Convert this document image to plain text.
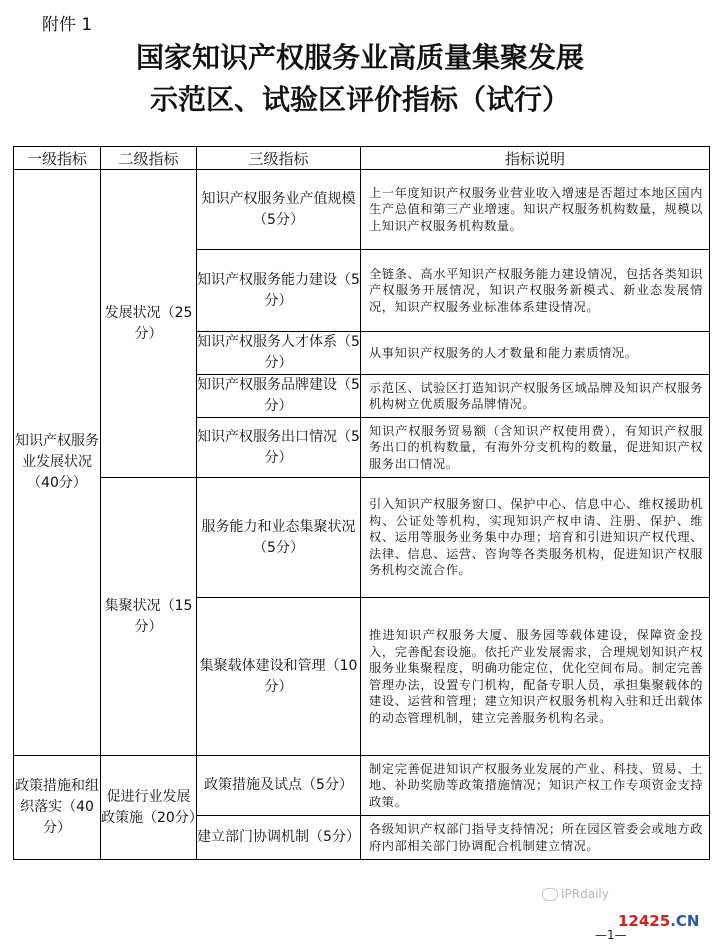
附件 1
国家知识产权服务业高质量集聚发展
示范区、试验区评价指标（试行）
一级指标	二级指标	三级指标	指标说明
知识产权服务业发展状况（40分）	发展状况（25分）	知识产权服务业产值规模（5分）	上一年度知识产权服务业营业收入增速是否超过本地区国内生产总值和第三产业增速。知识产权服务机构数量，规模以上知识产权服务机构数量。
		知识产权服务能力建设（5分）	全链条、高水平知识产权服务能力建设情况，包括各类知识产权服务开展情况，知识产权服务新模式、新业态发展情况，知识产权服务业标准体系建设情况。
		知识产权服务人才体系（5分）	从事知识产权服务的人才数量和能力素质情况。
		知识产权服务品牌建设（5分）	示范区、试验区打造知识产权服务区域品牌及知识产权服务机构树立优质服务品牌情况。
		知识产权服务出口情况（5分）	知识产权服务贸易额（含知识产权使用费），有知识产权服务出口的机构数量，有海外分支机构的数量，促进知识产权服务出口情况。
	集聚状况（15分）	服务能力和业态集聚状况（5分）	引入知识产权服务窗口、保护中心、信息中心、维权援助机构、公证处等机构，实现知识产权申请、注册、保护、维权、运用等服务业务集中办理；培育和引进知识产权代理、法律、信息、运营、咨询等各类服务机构，促进知识产权服务机构交流合作。
		集聚载体建设和管理（10分）	推进知识产权服务大厦、服务园等载体建设，保障资金投入，完善配套设施。依托产业发展需求，合理规划知识产权服务业集聚程度，明确功能定位，优化空间布局。制定完善管理办法，设置专门机构，配备专职人员，承担集聚载体的建设、运营和管理；建立知识产权服务机构入驻和迁出载体的动态管理机制，建立完善服务机构名录。
政策措施和组织落实（40分）	促进行业发展政策施（20分）	政策措施及试点（5分）	制定完善促进知识产权服务业发展的产业、科技、贸易、土地、补助奖励等政策措施情况；知识产权工作专项资金支持政策。
		建立部门协调机制（5分）	各级知识产权部门指导支持情况；所在园区管委会或地方政府内部相关部门协调配合机制建立情况。
IPRdaily
—1—
12425.CN
